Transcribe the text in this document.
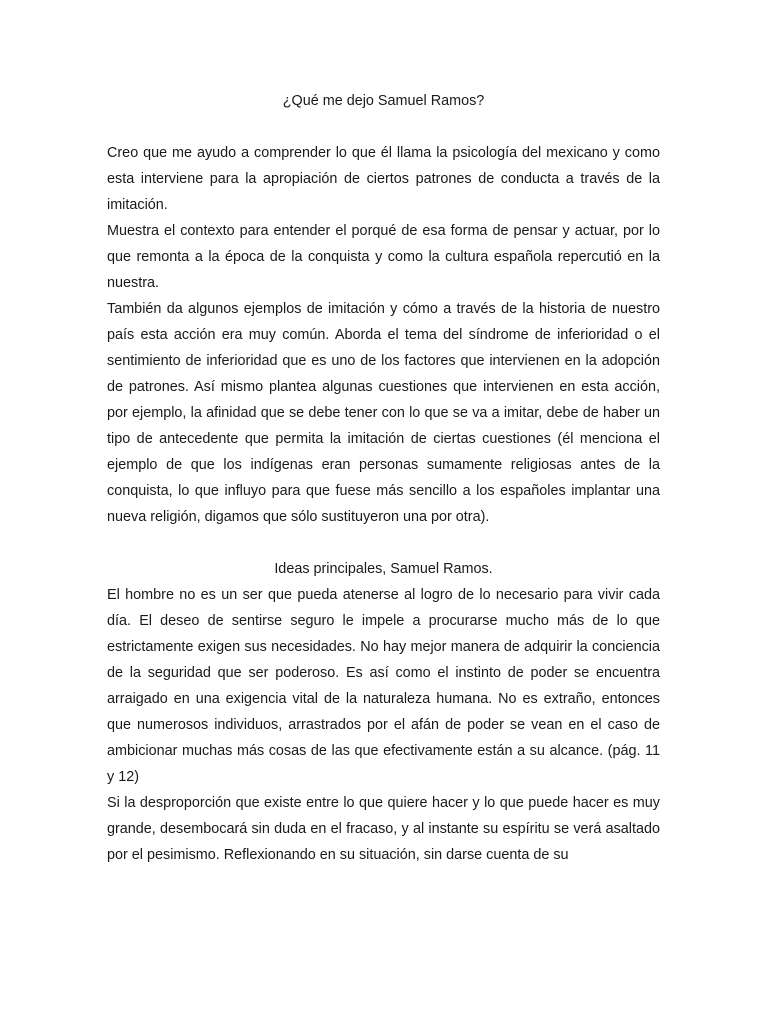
¿Qué me dejo Samuel Ramos?

Creo que me ayudo a comprender lo que él llama la psicología del mexicano y como esta interviene para la apropiación de ciertos patrones de conducta a través de la imitación.

Muestra el contexto para entender el porqué de esa forma de pensar y actuar, por lo que remonta a la época de la conquista y como la cultura española repercutió en la nuestra.

También da algunos ejemplos de imitación y cómo a través de la historia de nuestro país esta acción era muy común. Aborda el tema del síndrome de inferioridad o el sentimiento de inferioridad que es uno de los factores que intervienen en la adopción de patrones. Así mismo plantea algunas cuestiones que intervienen en esta acción, por ejemplo, la afinidad que se debe tener con lo que se va a imitar, debe de haber un tipo de antecedente que permita la imitación de ciertas cuestiones (él menciona el ejemplo de que los indígenas eran personas sumamente religiosas antes de la conquista, lo que influyo para que fuese más sencillo a los españoles implantar una nueva religión, digamos que sólo sustituyeron una por otra).

Ideas principales, Samuel Ramos.

El hombre no es un ser que pueda atenerse al logro de lo necesario para vivir cada día. El deseo de sentirse seguro le impele a procurarse mucho más de lo que estrictamente exigen sus necesidades. No hay mejor manera de adquirir la conciencia de la seguridad que ser poderoso. Es así como el instinto de poder se encuentra arraigado en una exigencia vital de la naturaleza humana. No es extraño, entonces que numerosos individuos, arrastrados por el afán de poder se vean en el caso de ambicionar muchas más cosas de las que efectivamente están a su alcance. (pág. 11 y 12)

Si la desproporción que existe entre lo que quiere hacer y lo que puede hacer es muy grande, desembocará sin duda en el fracaso, y al instante su espíritu se verá asaltado por el pesimismo. Reflexionando en su situación, sin darse cuenta de su
